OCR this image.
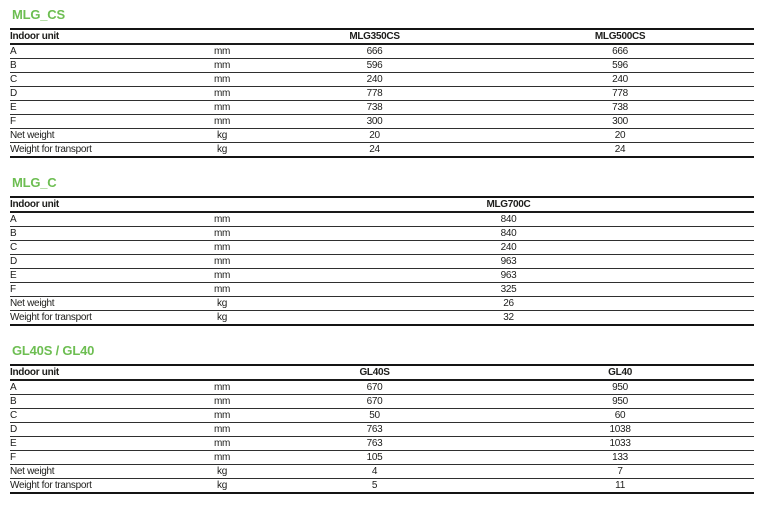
MLG_CS
Indoor unit		MLG350CS	MLG500CS
A	mm	666	666
B	mm	596	596
C	mm	240	240
D	mm	778	778
E	mm	738	738
F	mm	300	300
Net weight	kg	20	20
Weight for transport	kg	24	24
MLG_C
Indoor unit		MLG700C
A	mm	840
B	mm	840
C	mm	240
D	mm	963
E	mm	963
F	mm	325
Net weight	kg	26
Weight for transport	kg	32
GL40S / GL40
Indoor unit		GL40S	GL40
A	mm	670	950
B	mm	670	950
C	mm	50	60
D	mm	763	1038
E	mm	763	1033
F	mm	105	133
Net weight	kg	4	7
Weight for transport	kg	5	11
